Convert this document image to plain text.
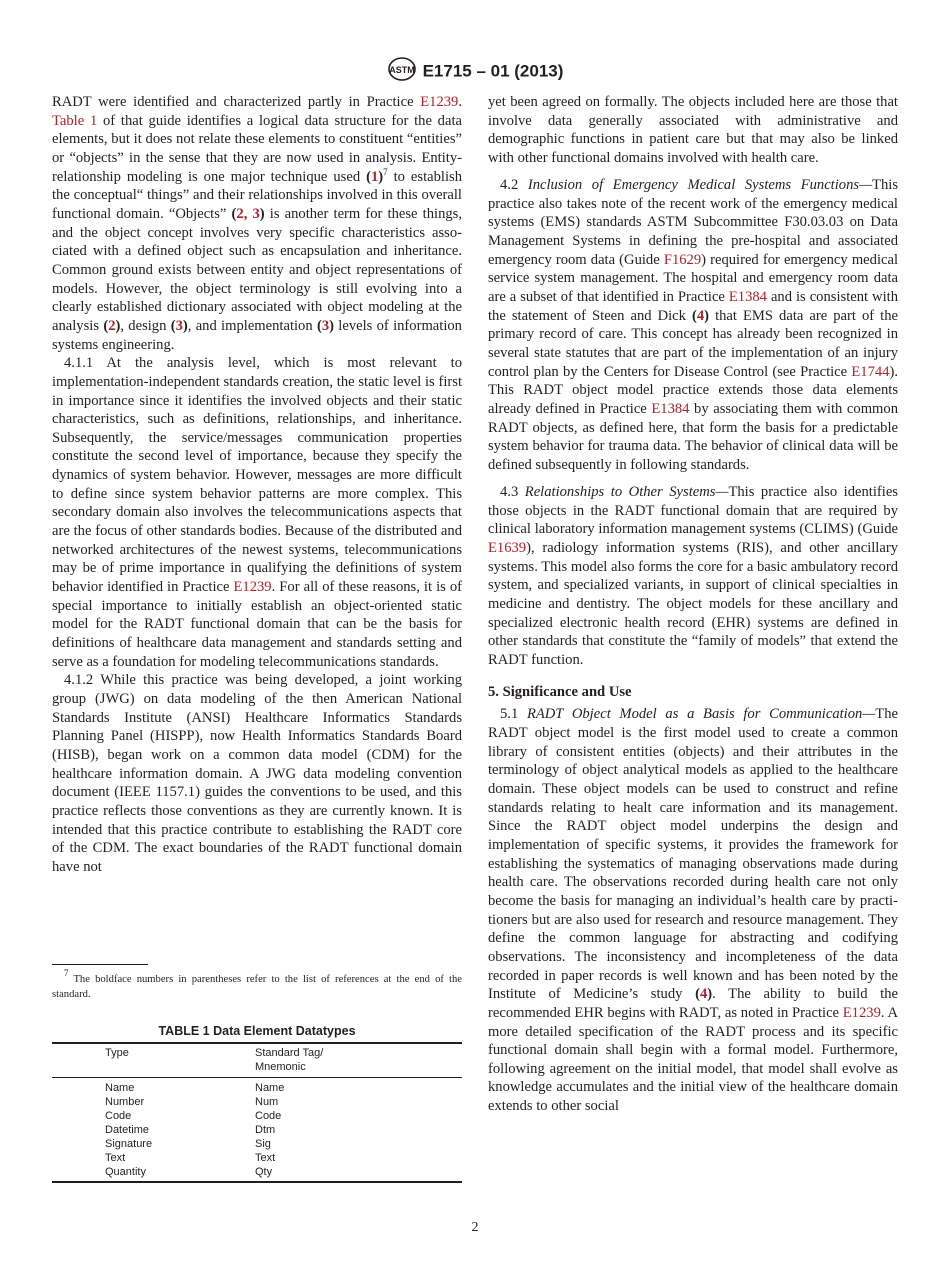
ASTM E1715 – 01 (2013)

RADT were identified and characterized partly in Practice E1239. Table 1 of that guide identifies a logical data structure for the data elements, but it does not relate these elements to constituent “entities” or “objects” in the sense that they are now used in analysis. Entity-relationship modeling is one major technique used $(1)^7$ to establish the conceptual“ things” and their relationships involved in this overall functional domain. “Objects” (2, 3) is another term for these things, and the object concept involves very specific characteristics associated with a defined object such as encapsulation and inheritance. Common ground exists between entity and object representations of models. However, the object terminology is still evolving into a clearly established dictionary associated with object modeling at the analysis (2), design (3), and implementation (3) levels of information systems engineering.

4.1.1 At the analysis level, which is most relevant to implementation-independent standards creation, the static level is first in importance since it identifies the involved objects and their static characteristics, such as definitions, relationships, and inheritance. Subsequently, the service/messages communication properties constitute the second level of importance, because they specify the dynamics of system behavior. However, messages are more difficult to define since system behavior patterns are more complex. This secondary domain also involves the telecommunications aspects that are the focus of other standards bodies. Because of the distributed and networked architectures of the newest systems, telecommunications may be of prime importance in qualifying the definitions of system behavior identified in Practice E1239. For all of these reasons, it is of special importance to initially establish an object-oriented static model for the RADT functional domain that can be the basis for definitions of healthcare data management and standards setting and serve as a foundation for modeling telecommunications standards.

4.1.2 While this practice was being developed, a joint working group (JWG) on data modeling of the then American National Standards Institute (ANSI) Healthcare Informatics Standards Planning Panel (HISPP), now Health Informatics Standards Board (HISB), began work on a common data model (CDM) for the healthcare information domain. A JWG data modeling convention document (IEEE 1157.1) guides the conventions to be used, and this practice reflects those conventions as they are currently known. It is intended that this practice contribute to establishing the RADT core of the CDM. The exact boundaries of the RADT functional domain have not

yet been agreed on formally. The objects included here are those that involve data generally associated with administrative and demographic functions in patient care but that may also be linked with other functional domains involved with health care.

4.2 Inclusion of Emergency Medical Systems Functions—This practice also takes note of the recent work of the emergency medical systems (EMS) standards ASTM Subcommittee F30.03.03 on Data Management Systems in defining the pre-hospital and associated emergency room data (Guide F1629) required for emergency medical service system management. The hospital and emergency room data are a subset of that identified in Practice E1384 and is consistent with the statement of Steen and Dick (4) that EMS data are part of the primary record of care. This concept has already been recognized in several state statutes that are part of the implementation of an injury control plan by the Centers for Disease Control (see Practice E1744). This RADT object model practice extends those data elements already defined in Practice E1384 by associating them with common RADT objects, as defined here, that form the basis for a predictable system behavior for trauma data. The behavior of clinical data will be defined subsequently in following standards.

4.3 Relationships to Other Systems—This practice also identifies those objects in the RADT functional domain that are required by clinical laboratory information management systems (CLIMS) (Guide E1639), radiology information systems (RIS), and other ancillary systems. This model also forms the core for a basic ambulatory record system, and specialized variants, in support of clinical specialties in medicine and dentistry. The object models for these ancillary and specialized electronic health record (EHR) systems are defined in other standards that constitute the “family of models” that extend the RADT function.

5. Significance and Use

5.1 RADT Object Model as a Basis for Communication—The RADT object model is the first model used to create a common library of consistent entities (objects) and their attributes in the terminology of object analytical models as applied to the healthcare domain. These object models can be used to construct and refine standards relating to healt care information and its management. Since the RADT object model underpins the design and implementation of specific systems, it provides the framework for establishing the systematics of managing observations made during health care. The observations recorded during health care not only become the basis for managing an individual’s health care by practitioners but are also used for research and resource management. They define the common language for abstracting and codifying observations. The inconsistency and incompleteness of the data recorded in paper records is well known and has been noted by the Institute of Medicine’s study (4). The ability to build the recommended EHR begins with RADT, as noted in Practice E1239. A more detailed specification of the RADT process and its specific functional domain shall begin with a formal model. Furthermore, following agreement on the initial model, that model shall evolve as knowledge accumulates and the initial view of the healthcare domain extends to other social

$^7$ The boldface numbers in parentheses refer to the list of references at the end of the standard.
TABLE 1 Data Element Datatypes
Type	Standard Tag/
Mnemonic
Name	Name
Number	Num
Code	Code
Datetime	Dtm
Signature	Sig
Text	Text
Quantity	Qty
2
